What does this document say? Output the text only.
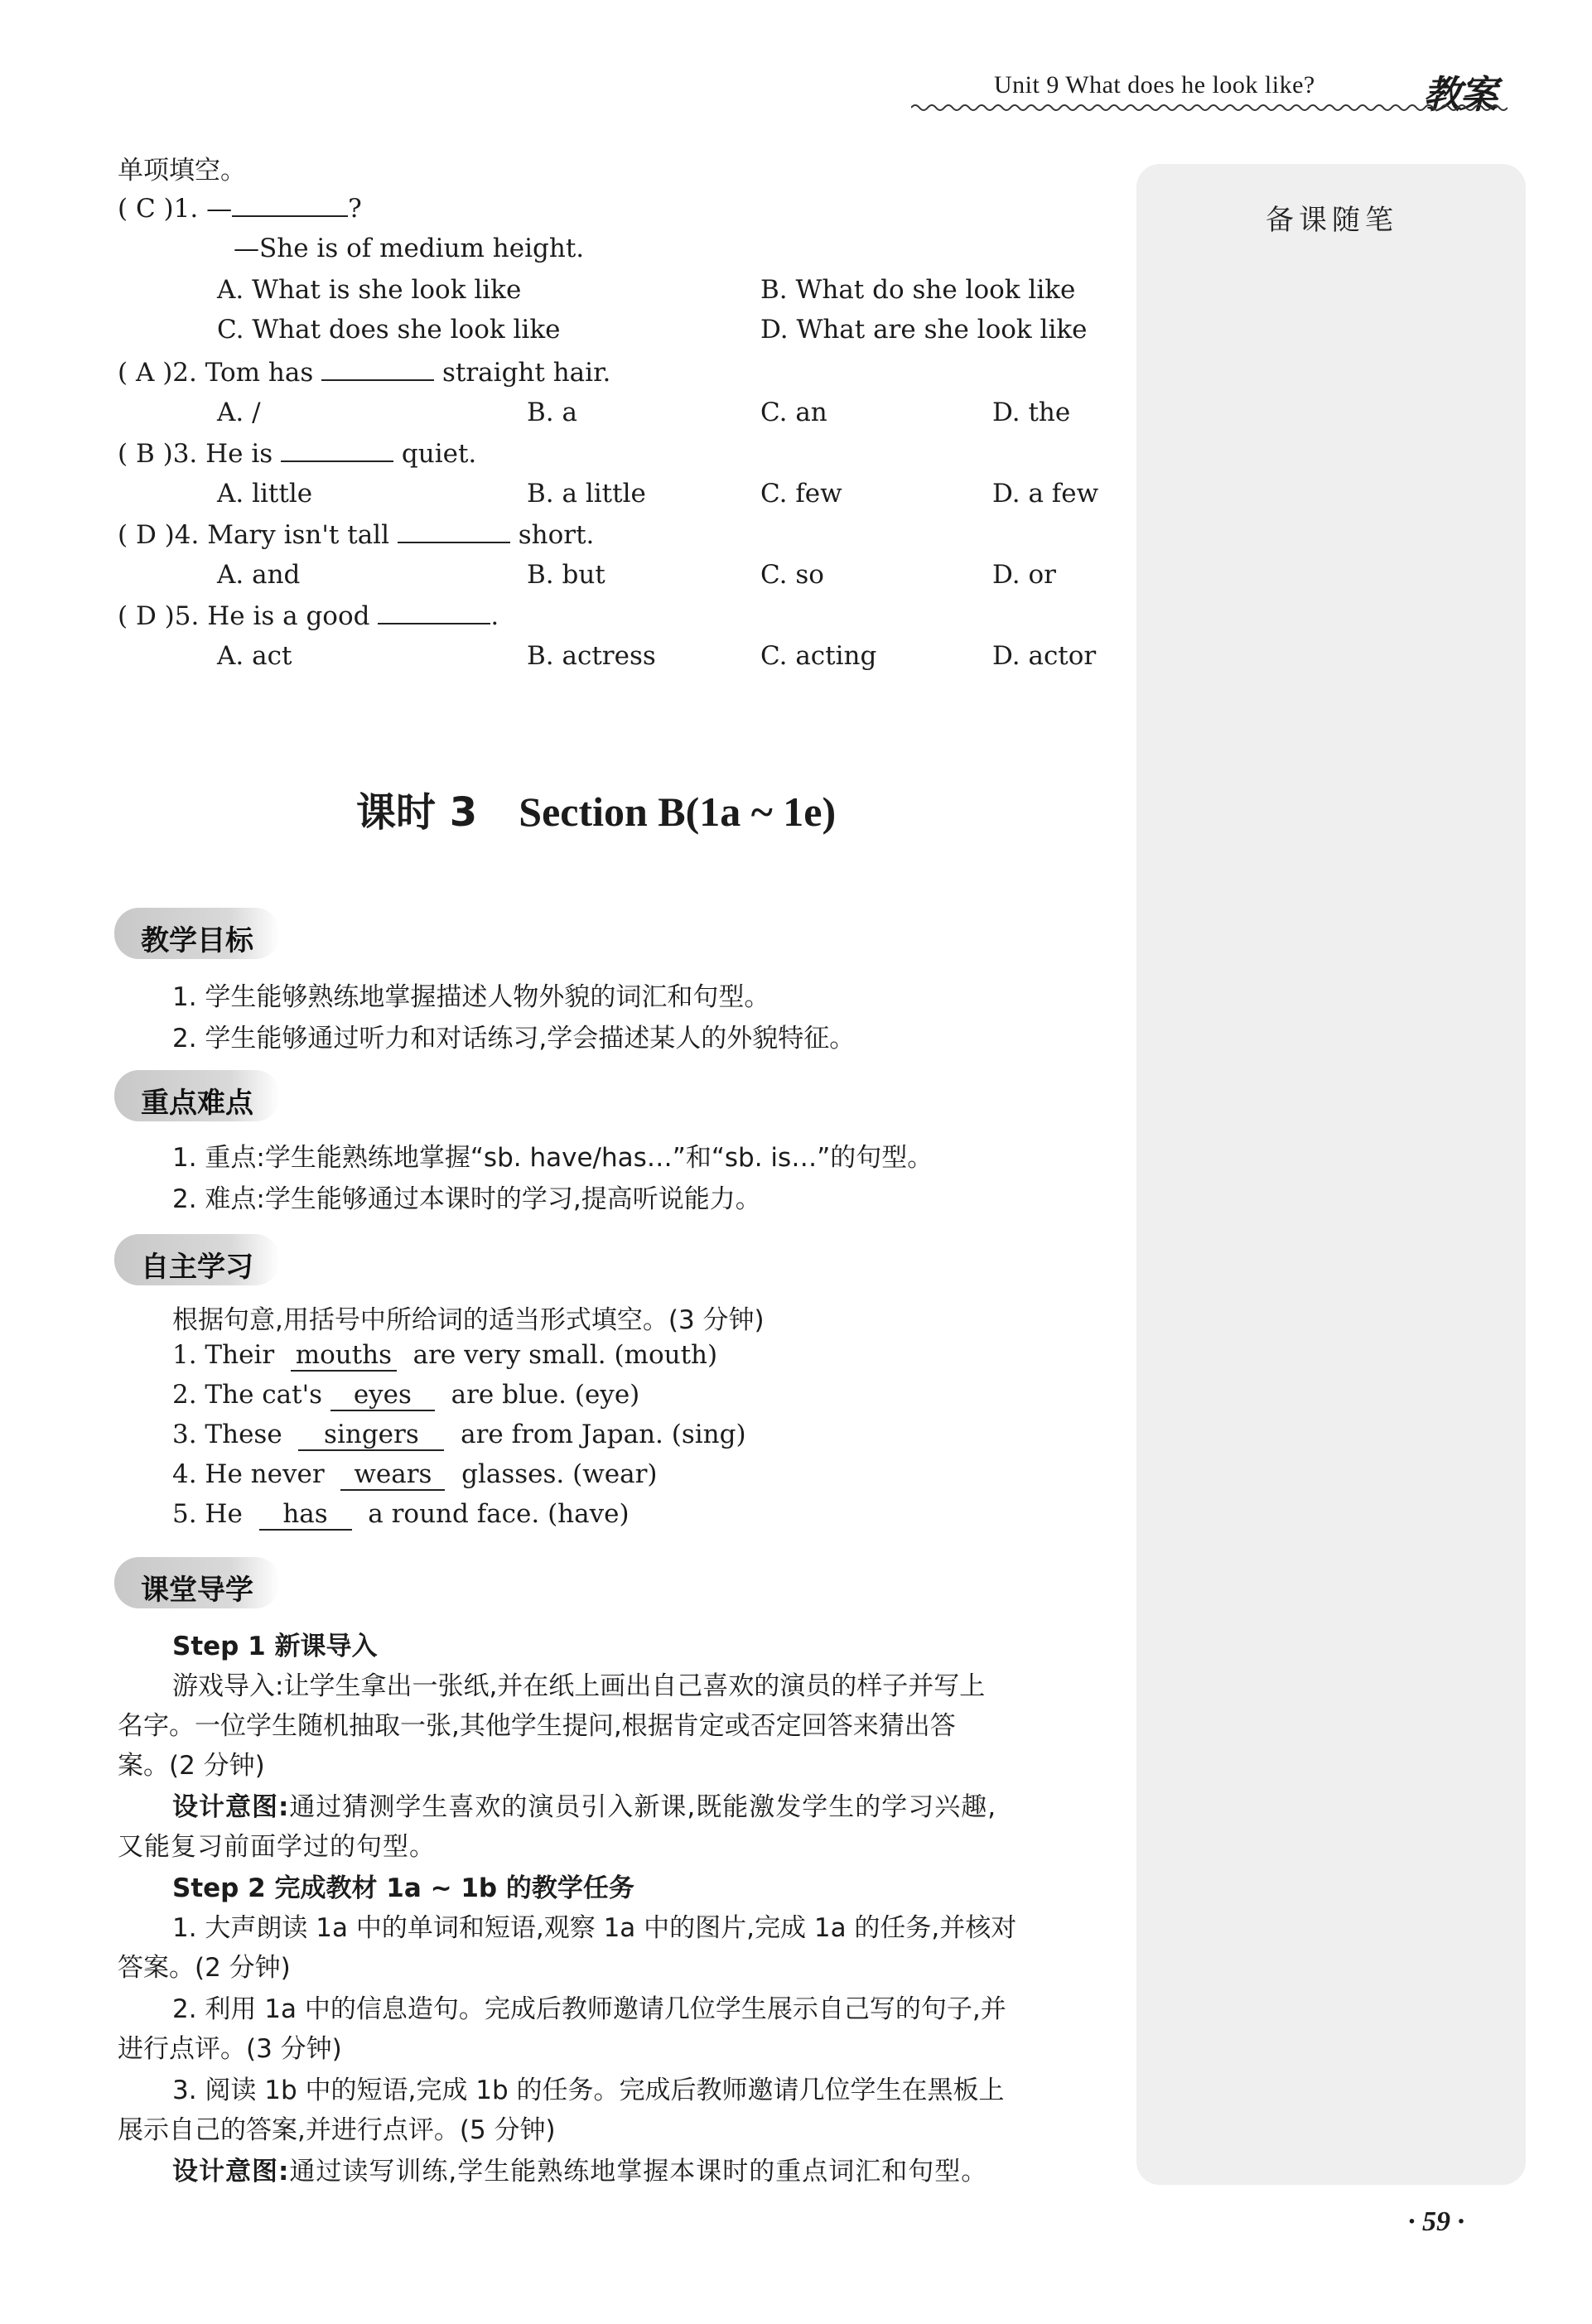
Unit 9 What does he look like?	教案
备课随笔
单项填空。
( C )1. —	?
—She is of medium height.
A. What is she look like	B. What do she look like
C. What does she look like	D. What are she look like
( A )2. Tom has	straight hair.
A. /	B. a	C. an	D. the
( B )3. He is	quiet.
A. little	B. a little	C. few	D. a few
( D )4. Mary isn't tall	short.
A. and	B. but	C. so	D. or
( D )5. He is a good	.
A. act	B. actress	C. acting	D. actor
课时 3 Section B(1a ~ 1e)
教学目标
1. 学生能够熟练地掌握描述人物外貌的词汇和句型。
2. 学生能够通过听力和对话练习,学会描述某人的外貌特征。
重点难点
1. 重点:学生能熟练地掌握“sb. have/has…”和“sb. is…”的句型。
2. 难点:学生能够通过本课时的学习,提高听说能力。
自主学习
根据句意,用括号中所给词的适当形式填空。(3 分钟)
1. Their mouths are very small. (mouth)
2. The cat's eyes are blue. (eye)
3. These singers are from Japan. (sing)
4. He never wears glasses. (wear)
5. He has a round face. (have)
课堂导学
Step 1 新课导入
游戏导入:让学生拿出一张纸,并在纸上画出自己喜欢的演员的样子并写上
名字。一位学生随机抽取一张,其他学生提问,根据肯定或否定回答来猜出答
案。(2 分钟)
设计意图:通过猜测学生喜欢的演员引入新课,既能激发学生的学习兴趣,
又能复习前面学过的句型。
Step 2 完成教材 1a ~ 1b 的教学任务
1. 大声朗读 1a 中的单词和短语,观察 1a 中的图片,完成 1a 的任务,并核对
答案。(2 分钟)
2. 利用 1a 中的信息造句。完成后教师邀请几位学生展示自己写的句子,并
进行点评。(3 分钟)
3. 阅读 1b 中的短语,完成 1b 的任务。完成后教师邀请几位学生在黑板上
展示自己的答案,并进行点评。(5 分钟)
设计意图:通过读写训练,学生能熟练地掌握本课时的重点词汇和句型。
· 59 ·
